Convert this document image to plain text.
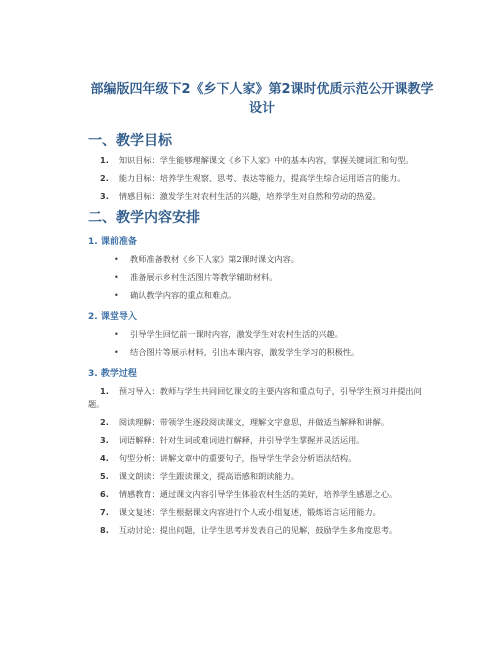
部编版四年级下2《乡下人家》第2课时优质示范公开课教学设计
一、教学目标

1. 知识目标：学生能够理解课文《乡下人家》中的基本内容，掌握关键词汇和句型。

2. 能力目标：培养学生观察、思考、表达等能力，提高学生综合运用语言的能力。

3. 情感目标：激发学生对农村生活的兴趣，培养学生对自然和劳动的热爱。

二、教学内容安排
1. 课前准备
• 教师准备教材《乡下人家》第2课时课文内容。
• 准备展示乡村生活图片等教学辅助材料。
• 确认教学内容的重点和难点。
2. 课堂导入
• 引导学生回忆前一课时内容，激发学生对农村生活的兴趣。
• 结合图片等展示材料，引出本课内容，激发学生学习的积极性。
3. 教学过程

1. 预习导入：教师与学生共同回忆课文的主要内容和重点句子，引导学生预习并提出问题。

2. 阅读理解：带领学生逐段阅读课文，理解文字意思，并做适当解释和讲解。

3. 词语解释：针对生词或难词进行解释，并引导学生掌握并灵活运用。

4. 句型分析：讲解文章中的重要句子，指导学生学会分析语法结构。

5. 课文朗读：学生跟读课文，提高语感和朗读能力。

6. 情感教育：通过课文内容引导学生体验农村生活的美好，培养学生感恩之心。

7. 课文复述：学生根据课文内容进行个人或小组复述，锻炼语言运用能力。

8. 互动讨论：提出问题，让学生思考并发表自己的见解，鼓励学生多角度思考。
